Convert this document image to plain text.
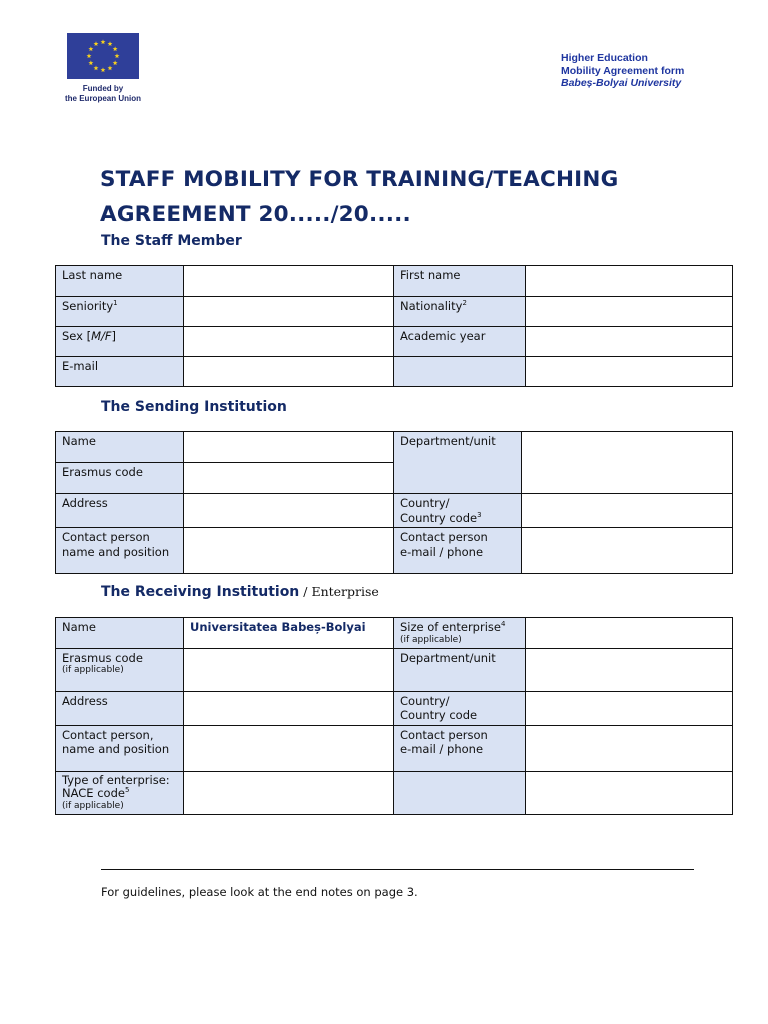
Funded by
the European Union
Higher Education
Mobility Agreement form
Babeș-Bolyai University
STAFF MOBILITY FOR TRAINING/TEACHING
AGREEMENT 20...../20.....
The Staff Member
Last name		First name	
Seniority$^1$		Nationality$^2$	
Sex [M/F]		Academic year	
E-mail			
The Sending Institution
Name		Department/unit	
Erasmus code			
Address		Country/
Country code$^3$	
Contact person
name and position		Contact person
e-mail / phone	
The Receiving Institution / Enterprise
Name	Universitatea Babeș-Bolyai	Size of enterprise$^4$
(if applicable)	

Erasmus code
(if applicable)		Department/unit	
Address		Country/
Country code	
Contact person,
name and position		Contact person
e-mail / phone	
Type of enterprise:
NACE code$^5$
(if applicable)			

For guidelines, please look at the end notes on page 3.
